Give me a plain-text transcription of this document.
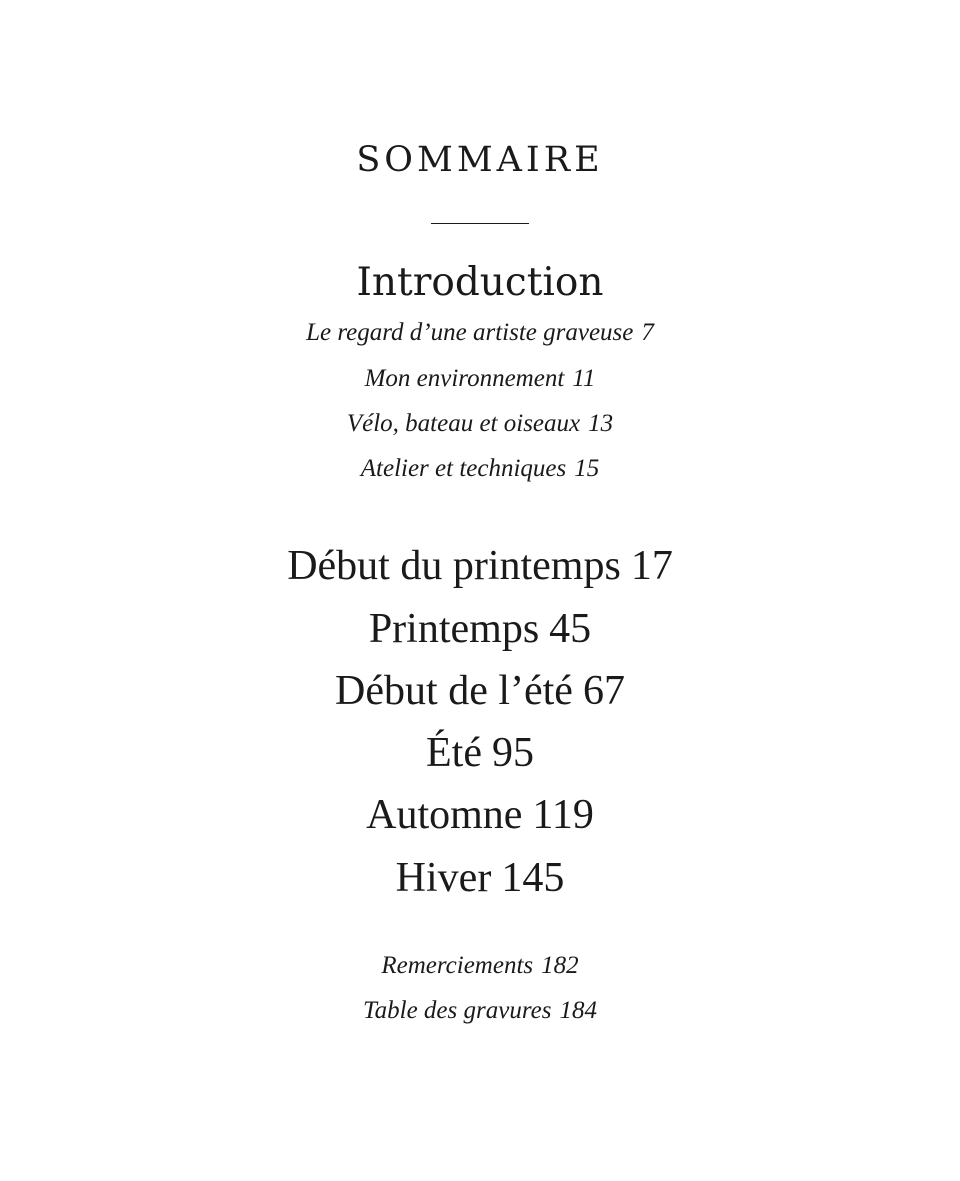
SOMMAIRE
Introduction
Le regard d’une artiste graveuse 7
Mon environnement 11
Vélo, bateau et oiseaux 13
Atelier et techniques 15
Début du printemps 17
Printemps 45
Début de l’été 67
Été 95
Automne 119
Hiver 145
Remerciements 182
Table des gravures 184
